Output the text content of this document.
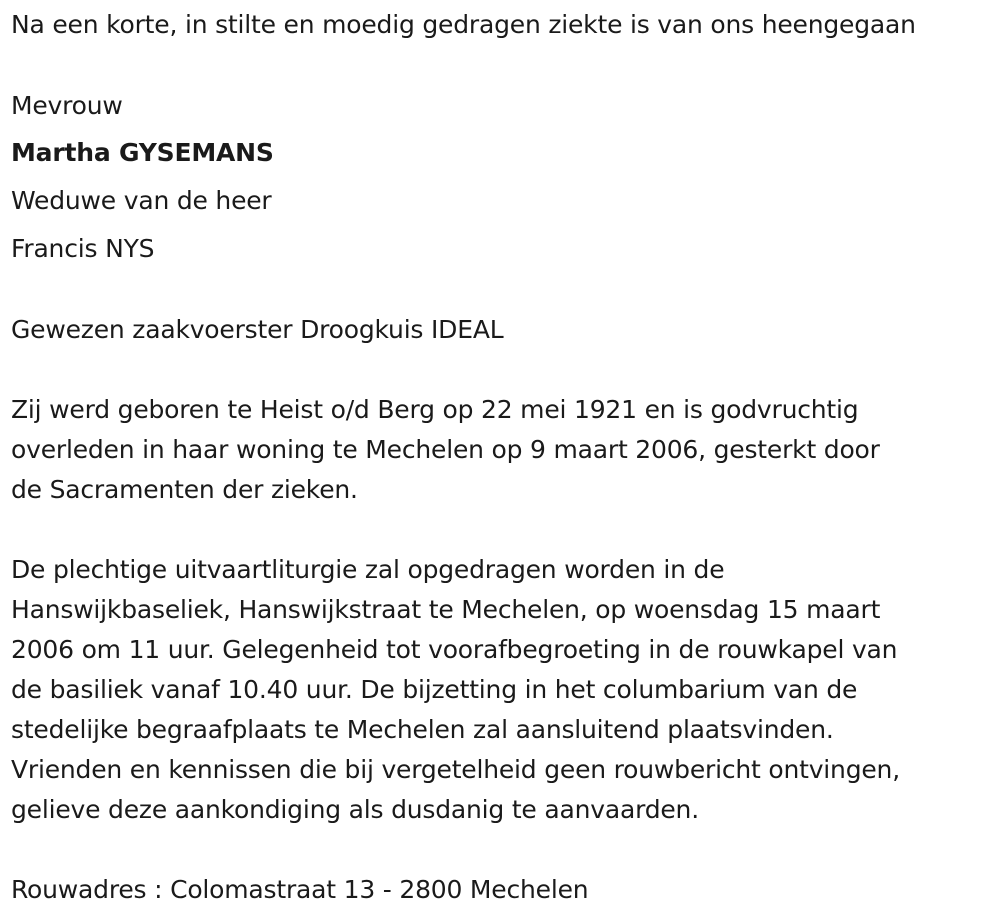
Na een korte, in stilte en moedig gedragen ziekte is van ons heengegaan
Mevrouw
Martha GYSEMANS
Weduwe van de heer
Francis NYS
Gewezen zaakvoerster Droogkuis IDEAL
Zij werd geboren te Heist o/d Berg op 22 mei 1921 en is godvruchtig
overleden in haar woning te Mechelen op 9 maart 2006, gesterkt door
de Sacramenten der zieken.
De plechtige uitvaartliturgie zal opgedragen worden in de
Hanswijkbaseliek, Hanswijkstraat te Mechelen, op woensdag 15 maart
2006 om 11 uur. Gelegenheid tot voorafbegroeting in de rouwkapel van
de basiliek vanaf 10.40 uur. De bijzetting in het columbarium van de
stedelijke begraafplaats te Mechelen zal aansluitend plaatsvinden.
Vrienden en kennissen die bij vergetelheid geen rouwbericht ontvingen,
gelieve deze aankondiging als dusdanig te aanvaarden.
Rouwadres : Colomastraat 13 - 2800 Mechelen
